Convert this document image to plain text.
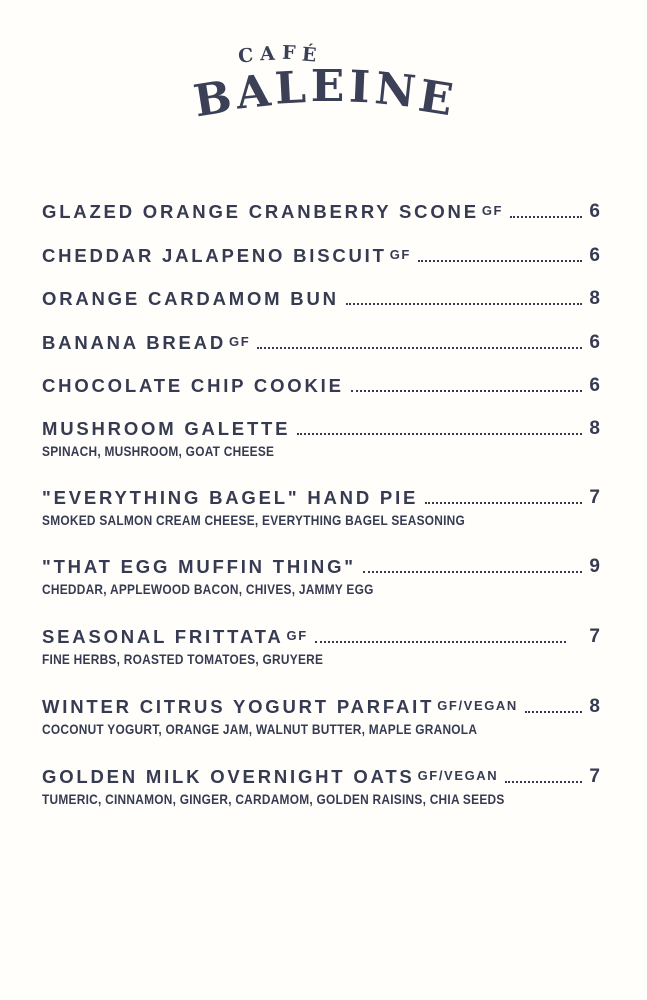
C A F É
BALEINE
GLAZED ORANGE CRANBERRY SCONE GF	6
CHEDDAR JALAPENO BISCUIT GF	6
ORANGE CARDAMOM BUN	8
BANANA BREAD GF	6
CHOCOLATE CHIP COOKIE	6
MUSHROOM GALETTE	8
SPINACH, MUSHROOM, GOAT CHEESE
"EVERYTHING BAGEL" HAND PIE	7
SMOKED SALMON CREAM CHEESE, EVERYTHING BAGEL SEASONING
"THAT EGG MUFFIN THING"	9
CHEDDAR, APPLEWOOD BACON, CHIVES, JAMMY EGG
SEASONAL FRITTATA GF	7
FINE HERBS, ROASTED TOMATOES, GRUYERE
WINTER CITRUS YOGURT PARFAIT GF/VEGAN	8
COCONUT YOGURT, ORANGE JAM, WALNUT BUTTER, MAPLE GRANOLA
GOLDEN MILK OVERNIGHT OATS GF/VEGAN	7
TUMERIC, CINNAMON, GINGER, CARDAMOM, GOLDEN RAISINS, CHIA SEEDS
